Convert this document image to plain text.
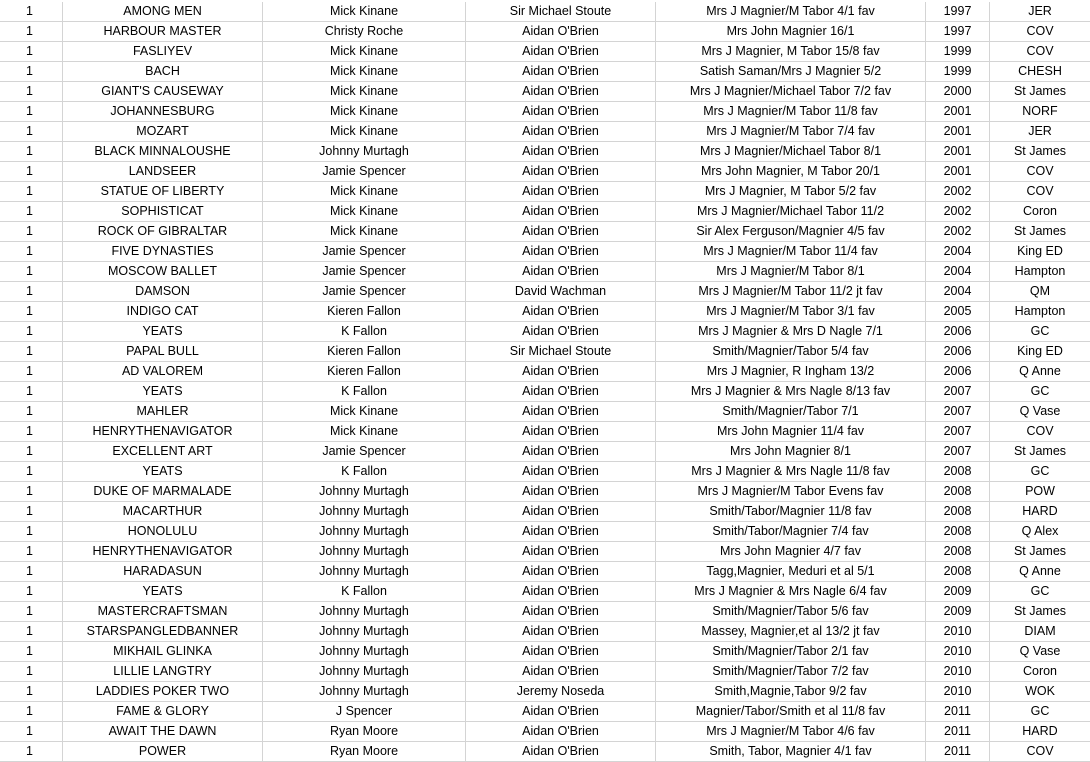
1	AMONG MEN	Mick Kinane	Sir Michael Stoute	Mrs J Magnier/M Tabor 4/1 fav	1997	JER
1	HARBOUR MASTER	Christy Roche	Aidan O'Brien	Mrs John Magnier 16/1	1997	COV
1	FASLIYEV	Mick Kinane	Aidan O'Brien	Mrs J Magnier, M Tabor 15/8 fav	1999	COV
1	BACH	Mick Kinane	Aidan O'Brien	Satish Saman/Mrs J Magnier 5/2	1999	CHESH
1	GIANT'S CAUSEWAY	Mick Kinane	Aidan O'Brien	Mrs J Magnier/Michael Tabor 7/2 fav	2000	St James
1	JOHANNESBURG	Mick Kinane	Aidan O'Brien	Mrs J Magnier/M Tabor 11/8 fav	2001	NORF
1	MOZART	Mick Kinane	Aidan O'Brien	Mrs J Magnier/M Tabor 7/4 fav	2001	JER
1	BLACK MINNALOUSHE	Johnny Murtagh	Aidan O'Brien	Mrs J Magnier/Michael Tabor 8/1	2001	St James
1	LANDSEER	Jamie Spencer	Aidan O'Brien	Mrs John Magnier, M Tabor 20/1	2001	COV
1	STATUE OF LIBERTY	Mick Kinane	Aidan O'Brien	Mrs J Magnier, M Tabor 5/2 fav	2002	COV
1	SOPHISTICAT	Mick Kinane	Aidan O'Brien	Mrs J Magnier/Michael Tabor 11/2	2002	Coron
1	ROCK OF GIBRALTAR	Mick Kinane	Aidan O'Brien	Sir Alex Ferguson/Magnier 4/5 fav	2002	St James
1	FIVE DYNASTIES	Jamie Spencer	Aidan O'Brien	Mrs J Magnier/M Tabor 11/4 fav	2004	King ED
1	MOSCOW BALLET	Jamie Spencer	Aidan O'Brien	Mrs J Magnier/M Tabor 8/1	2004	Hampton
1	DAMSON	Jamie Spencer	David Wachman	Mrs J Magnier/M Tabor 11/2 jt fav	2004	QM
1	INDIGO CAT	Kieren Fallon	Aidan O'Brien	Mrs J Magnier/M Tabor 3/1 fav	2005	Hampton
1	YEATS	K Fallon	Aidan O'Brien	Mrs J Magnier & Mrs D Nagle 7/1	2006	GC
1	PAPAL BULL	Kieren Fallon	Sir Michael Stoute	Smith/Magnier/Tabor 5/4 fav	2006	King ED
1	AD VALOREM	Kieren Fallon	Aidan O'Brien	Mrs J Magnier, R Ingham 13/2	2006	Q Anne
1	YEATS	K Fallon	Aidan O'Brien	Mrs J Magnier & Mrs Nagle 8/13 fav	2007	GC
1	MAHLER	Mick Kinane	Aidan O'Brien	Smith/Magnier/Tabor 7/1	2007	Q Vase
1	HENRYTHENAVIGATOR	Mick Kinane	Aidan O'Brien	Mrs John Magnier 11/4 fav	2007	COV
1	EXCELLENT ART	Jamie Spencer	Aidan O'Brien	Mrs John Magnier 8/1	2007	St James
1	YEATS	K Fallon	Aidan O'Brien	Mrs J Magnier & Mrs Nagle 11/8 fav	2008	GC
1	DUKE OF MARMALADE	Johnny Murtagh	Aidan O'Brien	Mrs J Magnier/M Tabor Evens fav	2008	POW
1	MACARTHUR	Johnny Murtagh	Aidan O'Brien	Smith/Tabor/Magnier 11/8 fav	2008	HARD
1	HONOLULU	Johnny Murtagh	Aidan O'Brien	Smith/Tabor/Magnier 7/4 fav	2008	Q Alex
1	HENRYTHENAVIGATOR	Johnny Murtagh	Aidan O'Brien	Mrs John Magnier 4/7 fav	2008	St James
1	HARADASUN	Johnny Murtagh	Aidan O'Brien	Tagg,Magnier, Meduri et al 5/1	2008	Q Anne
1	YEATS	K Fallon	Aidan O'Brien	Mrs J Magnier & Mrs Nagle 6/4 fav	2009	GC
1	MASTERCRAFTSMAN	Johnny Murtagh	Aidan O'Brien	Smith/Magnier/Tabor 5/6 fav	2009	St James
1	STARSPANGLEDBANNER	Johnny Murtagh	Aidan O'Brien	Massey, Magnier,et al 13/2 jt fav	2010	DIAM
1	MIKHAIL GLINKA	Johnny Murtagh	Aidan O'Brien	Smith/Magnier/Tabor 2/1 fav	2010	Q Vase
1	LILLIE LANGTRY	Johnny Murtagh	Aidan O'Brien	Smith/Magnier/Tabor 7/2 fav	2010	Coron
1	LADDIES POKER TWO	Johnny Murtagh	Jeremy Noseda	Smith,Magnie,Tabor 9/2 fav	2010	WOK
1	FAME & GLORY	J Spencer	Aidan O'Brien	Magnier/Tabor/Smith et al 11/8 fav	2011	GC
1	AWAIT THE DAWN	Ryan Moore	Aidan O'Brien	Mrs J Magnier/M Tabor 4/6 fav	2011	HARD
1	POWER	Ryan Moore	Aidan O'Brien	Smith, Tabor, Magnier 4/1 fav	2011	COV
